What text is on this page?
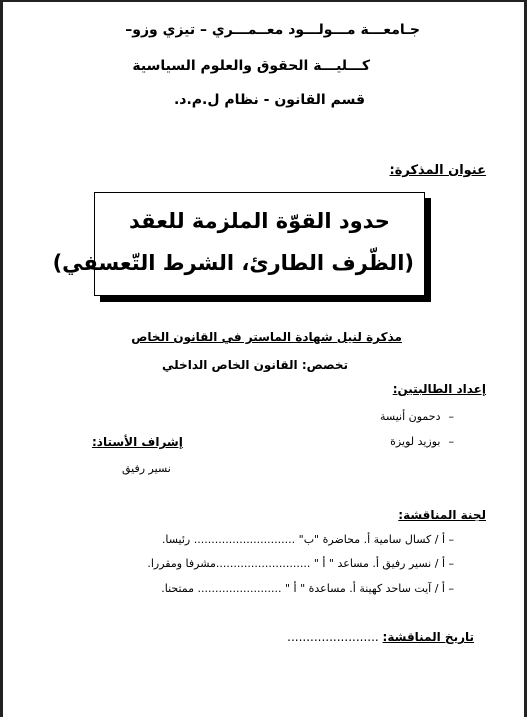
جـامعـــة مـــولـــود معــمـــري – تيزي وزو–
كـــليـــة الحقوق والعلوم السياسية
قسم القانون - نظام ل.م.د.
عنوان المذكرة:
حدود القوّة الملزمة للعقد
(الظّرف الطارئ، الشرط التّعسفي)
مذكرة لنيل شهادة الماستر في القانون الخاص
تخصص: القانون الخاص الداخلي
إعداد الطالبتين:
–دحمون أنيسة
–بوزيد لويزة
إشراف الأستاذ:
نسير رفيق
لجنة المناقشة:
– أ / كسال سامية أ. محاضرة "ب" ............................. رئيسا.
– أ / نسير رفيق أ. مساعد " أ " ...........................مشرفا ومقررا.
– أ / آيت ساحد كهينة أ. مساعدة " أ " ........................ ممتحنا.
تاريخ المناقشة: ........................
